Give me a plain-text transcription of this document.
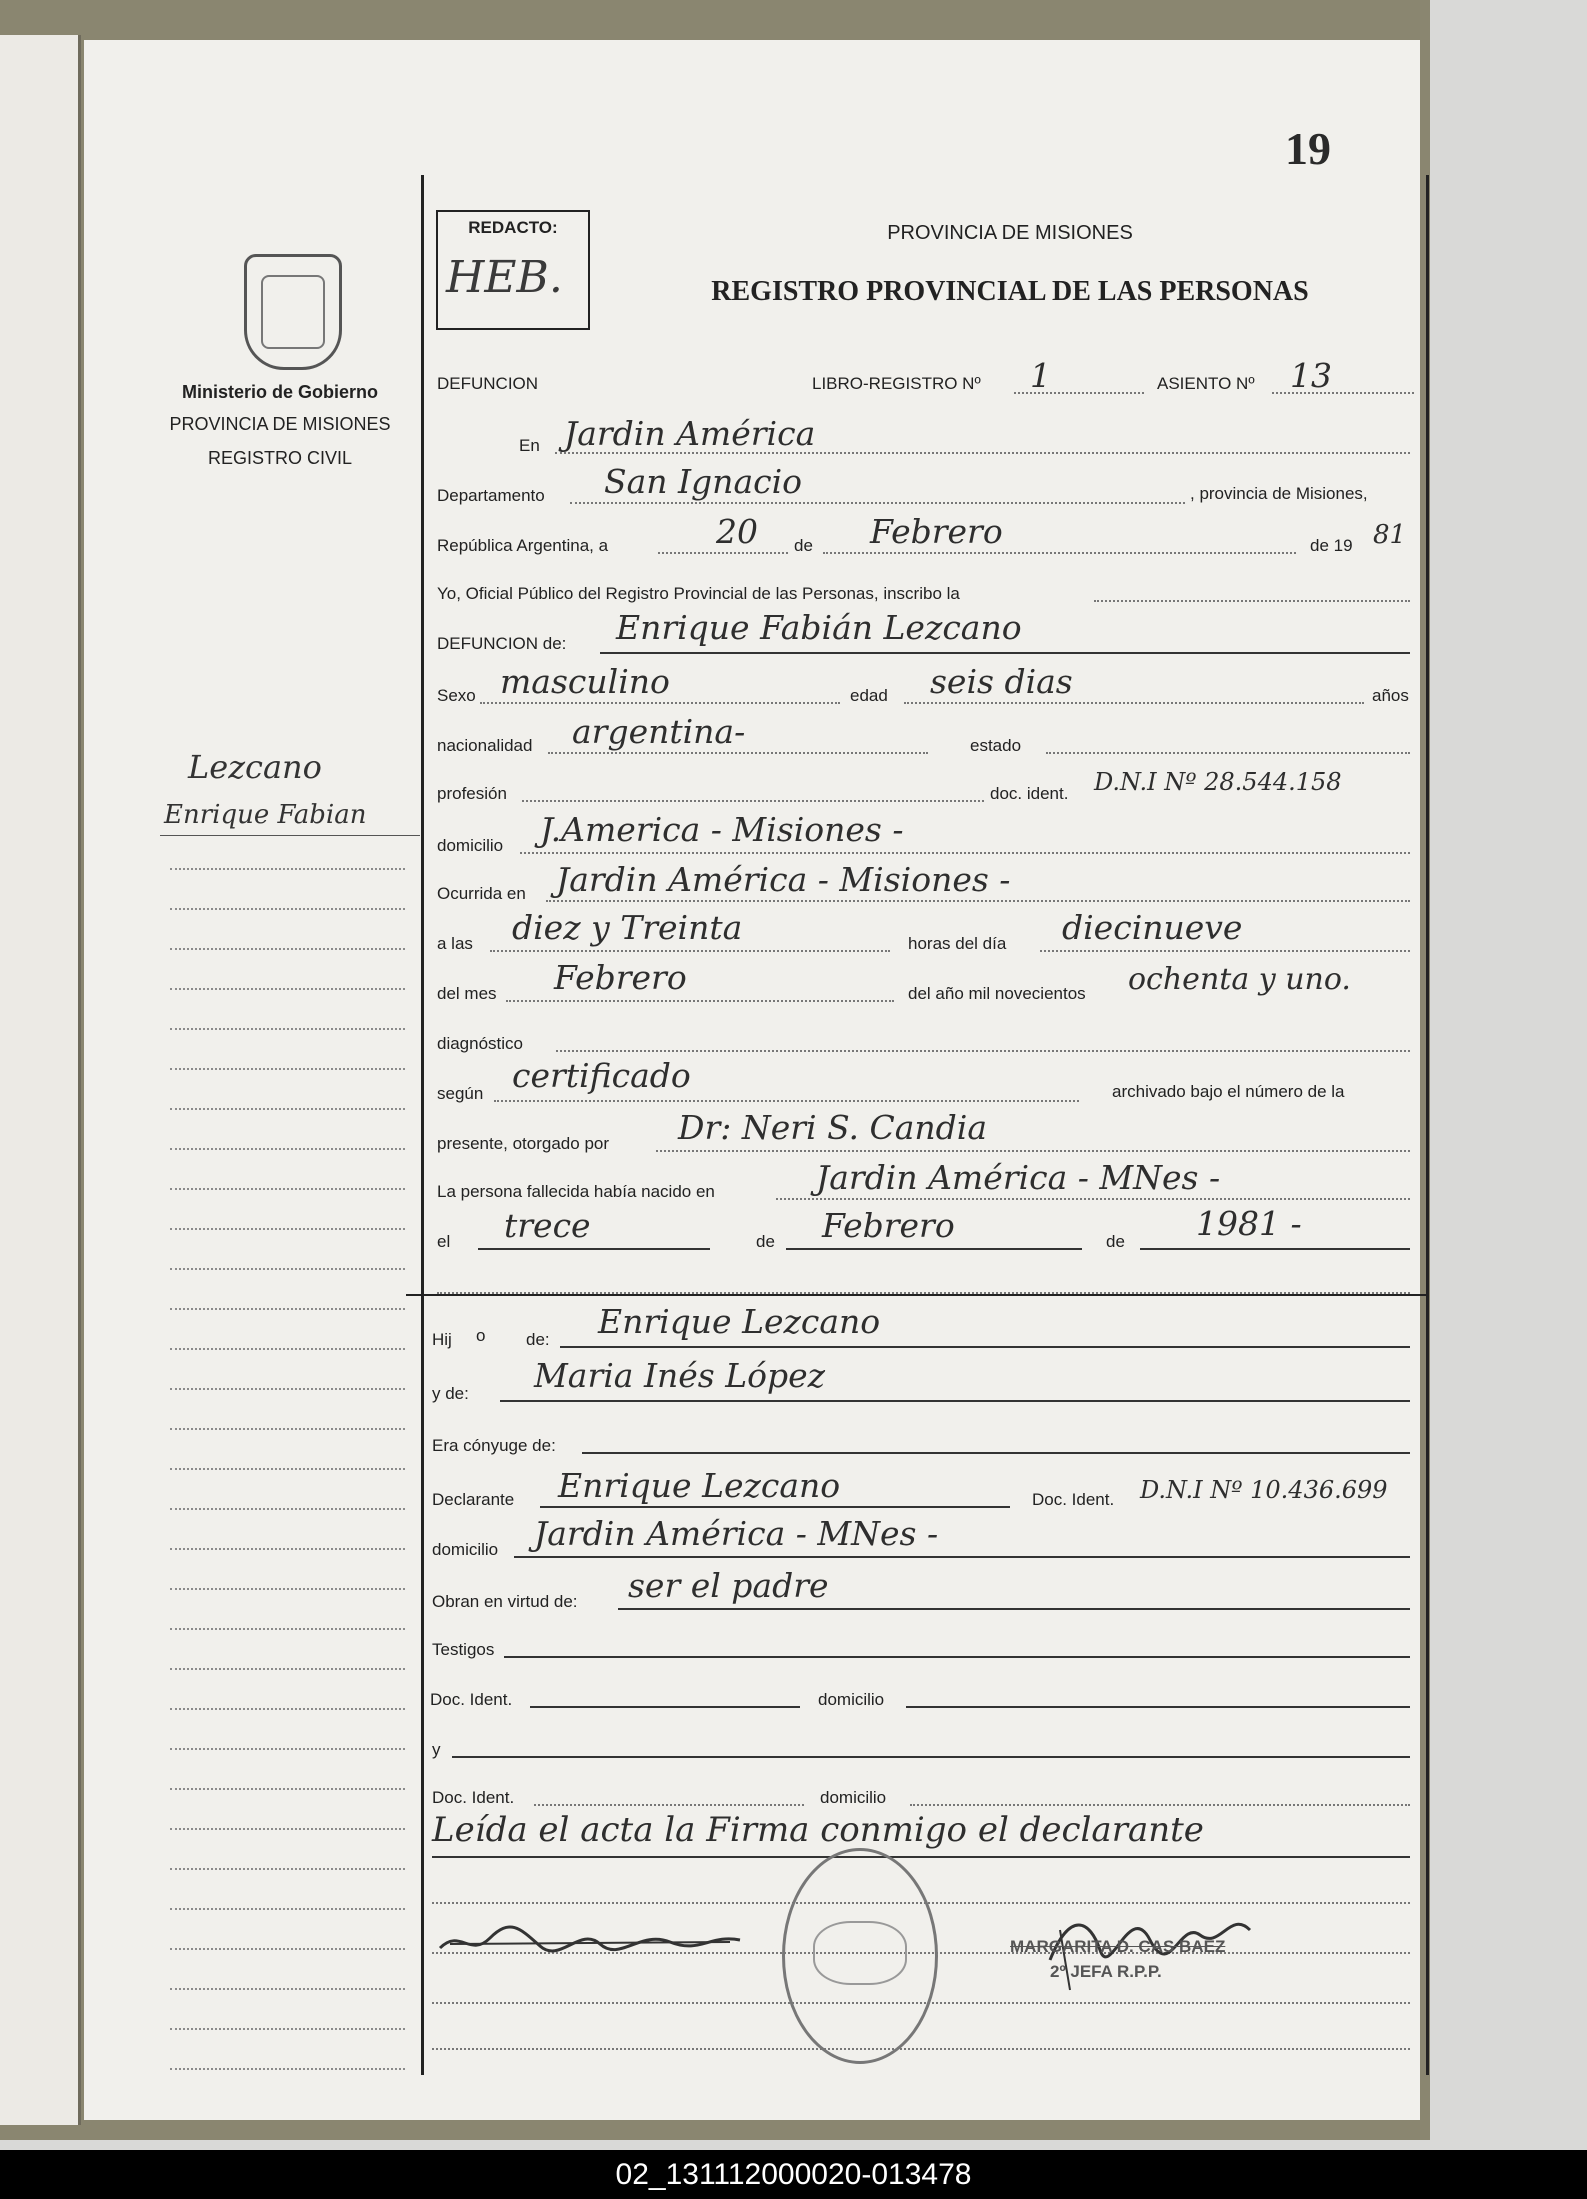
19
REDACTO:
HEB.
PROVINCIA DE MISIONES
REGISTRO PROVINCIAL DE LAS PERSONAS
Ministerio de Gobierno
PROVINCIA DE MISIONES
REGISTRO CIVIL
Lezcano
Enrique Fabian
DEFUNCION	LIBRO-REGISTRO Nº 1	ASIENTO Nº 13
En Jardin América
Departamento San Ignacio	, provincia de Misiones,
República Argentina, a	20 de Febrero	de 19 81
Yo, Oficial Público del Registro Provincial de las Personas, inscribo la
DEFUNCION de: Enrique Fabián Lezcano
Sexo masculino	edad seis dias	años
nacionalidad argentina-	estado
profesión	doc. ident. D.N.I Nº 28.544.158
domicilio J.America - Misiones -
Ocurrida en Jardin América - Misiones -
a las diez y Treinta	horas del día diecinueve
del mes Febrero	del año mil novecientos ochenta y uno.
diagnóstico
según certificado	archivado bajo el número de la
presente, otorgado por Dr: Neri S. Candia
La persona fallecida había nacido en	Jardin América - MNes -
el trece	de Febrero	de 1981 -
Hij o de: Enrique Lezcano
y de: Maria Inés López
Era cónyuge de:
Declarante Enrique Lezcano	Doc. Ident. D.N.I Nº 10.436.699
domicilio Jardin América - MNes -
Obran en virtud de: ser el padre
Testigos
Doc. Ident.	domicilio
y
Doc. Ident.	domicilio
Leída el acta la Firma conmigo el declarante
MARGARITA D. CAS BAEZ
2º JEFA R.P.P.
02_131112000020-013478
